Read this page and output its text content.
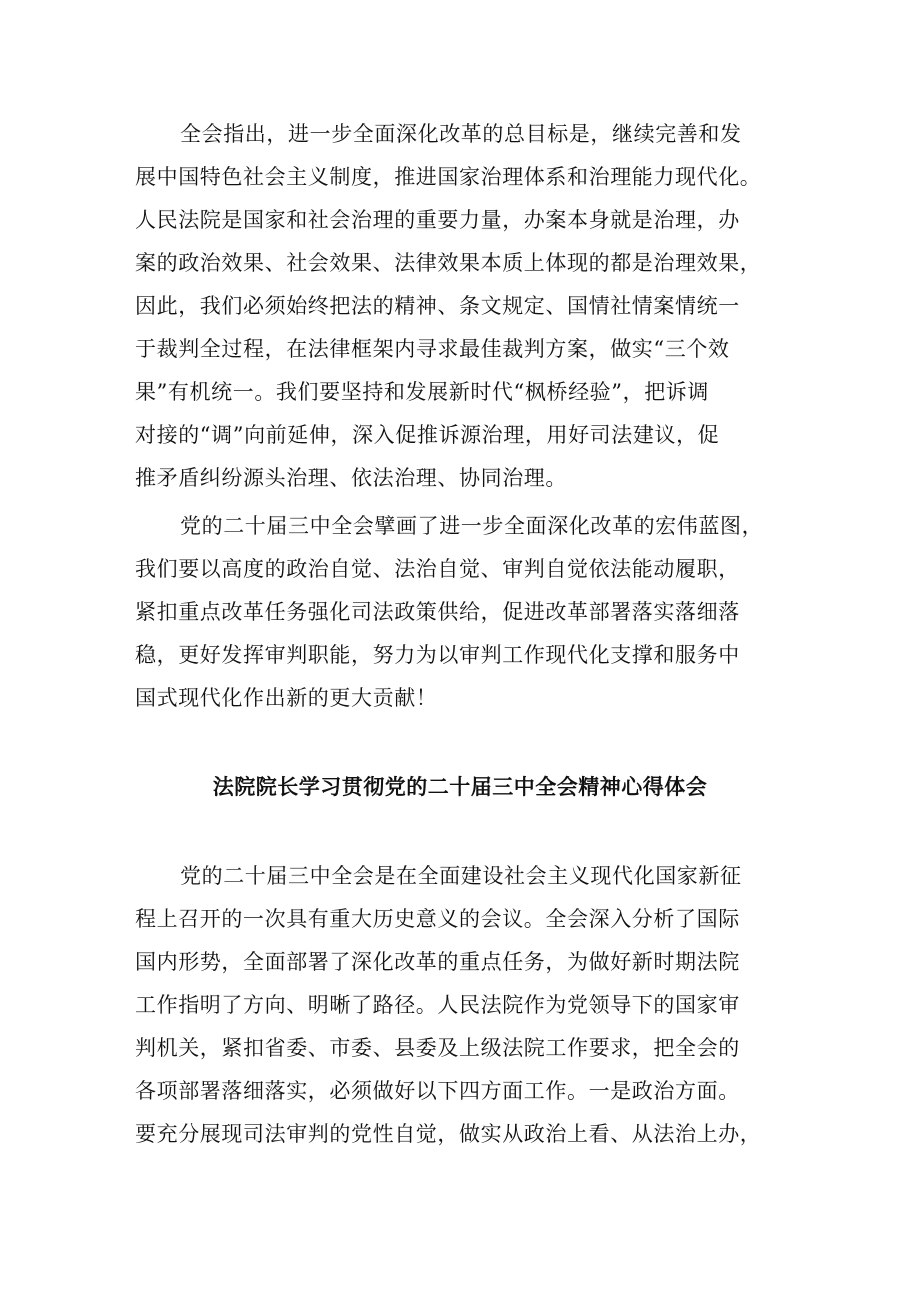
全会指出，进一步全面深化改革的总目标是，继续完善和发
展中国特色社会主义制度，推进国家治理体系和治理能力现代化。
人民法院是国家和社会治理的重要力量，办案本身就是治理，办
案的政治效果、社会效果、法律效果本质上体现的都是治理效果，
因此，我们必须始终把法的精神、条文规定、国情社情案情统一
于裁判全过程，在法律框架内寻求最佳裁判方案，做实“三个效
果”有机统一。我们要坚持和发展新时代“枫桥经验”，把诉调
对接的“调”向前延伸，深入促推诉源治理，用好司法建议，促
推矛盾纠纷源头治理、依法治理、协同治理。
党的二十届三中全会擘画了进一步全面深化改革的宏伟蓝图，
我们要以高度的政治自觉、法治自觉、审判自觉依法能动履职，
紧扣重点改革任务强化司法政策供给，促进改革部署落实落细落
稳，更好发挥审判职能，努力为以审判工作现代化支撑和服务中
国式现代化作出新的更大贡献！
法院院长学习贯彻党的二十届三中全会精神心得体会
党的二十届三中全会是在全面建设社会主义现代化国家新征
程上召开的一次具有重大历史意义的会议。全会深入分析了国际
国内形势，全面部署了深化改革的重点任务，为做好新时期法院
工作指明了方向、明晰了路径。人民法院作为党领导下的国家审
判机关，紧扣省委、市委、县委及上级法院工作要求，把全会的
各项部署落细落实，必须做好以下四方面工作。一是政治方面。
要充分展现司法审判的党性自觉，做实从政治上看、从法治上办，
